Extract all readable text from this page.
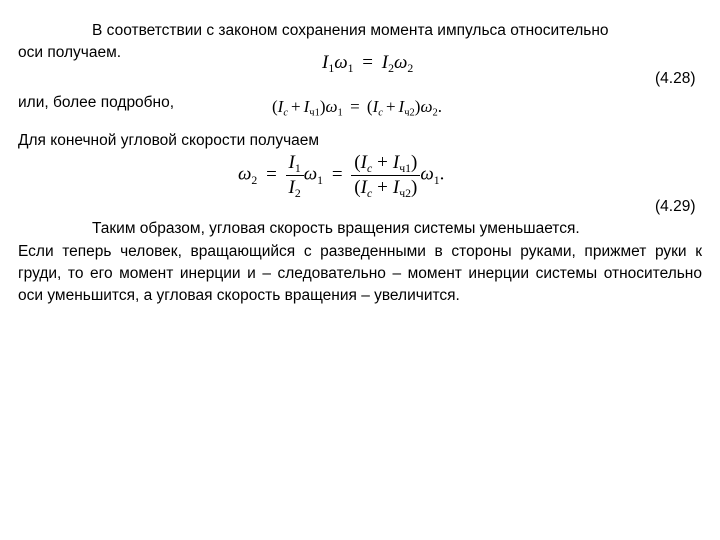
В соответствии с законом сохранения момента импульса относительно
оси получаем.	$I_1\omega_1 = I_2\omega_2$
(4.28)
или, более подробно,	$(I_с + I_{ч1})\omega_1 = (I_с + I_{ч2})\omega_2$.
Для конечной угловой скорости получаем
$\omega_2 = \frac{I_1}{I_2} \omega_1 = \frac{(I_с + I_{ч1})}{(I_с + I_{ч2})} \omega_1$.
(4.29)
Таким образом, угловая скорость вращения системы уменьшается.
Если теперь человек, вращающийся с разведенными в стороны руками, прижмет руки к груди, то его момент инерции и – следовательно – момент инерции системы относительно оси уменьшится, а угловая скорость вращения – увеличится.
